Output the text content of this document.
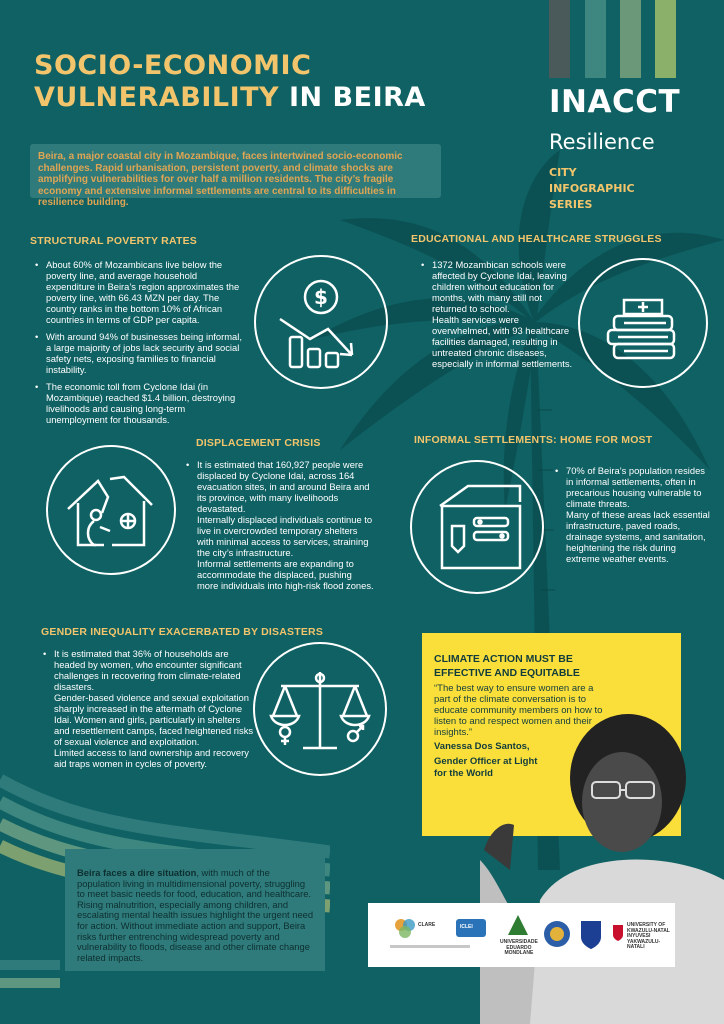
SOCIO-ECONOMIC
VULNERABILITY IN BEIRA	INACCT
Resilience
CITY
INFOGRAPHIC
SERIES

Beira, a major coastal city in Mozambique, faces intertwined socio-economic challenges. Rapid urbanisation, persistent poverty, and climate shocks are amplifying vulnerabilities for over half a million residents. The city’s fragile economy and extensive informal settlements are central to its difficulties in resilience building.

STRUCTURAL POVERTY RATES
• About 60% of Mozambicans live below the poverty line, and average household expenditure in Beira’s region approximates the poverty line, with 66.43 MZN per day. The country ranks in the bottom 10% of African countries in terms of GDP per capita.
• With around 94% of businesses being informal, a large majority of jobs lack security and social safety nets, exposing families to financial instability.
• The economic toll from Cyclone Idai (in Mozambique) reached $1.4 billion, destroying livelihoods and causing long-term unemployment for thousands.
$
EDUCATIONAL AND HEALTHCARE STRUGGLES
• 1372 Mozambican schools were affected by Cyclone Idai, leaving children without education for months, with many still not returned to school.
Health services were overwhelmed, with 93 healthcare facilities damaged, resulting in untreated chronic diseases, especially in informal settlements.
DISPLACEMENT CRISIS
• It is estimated that 160,927 people were displaced by Cyclone Idai, across 164 evacuation sites, in and around Beira and its province, with many livelihoods devastated.
Internally displaced individuals continue to live in overcrowded temporary shelters with minimal access to services, straining the city’s infrastructure.
Informal settlements are expanding to accommodate the displaced, pushing more individuals into high-risk flood zones.
INFORMAL SETTLEMENTS: HOME FOR MOST
• 70% of Beira’s population resides in informal settlements, often in precarious housing vulnerable to climate threats.
Many of these areas lack essential infrastructure, paved roads, drainage systems, and sanitation, heightening the risk during extreme weather events.
GENDER INEQUALITY EXACERBATED BY DISASTERS
• It is estimated that 36% of households are headed by women, who encounter significant challenges in recovering from climate-related disasters.
Gender-based violence and sexual exploitation sharply increased in the aftermath of Cyclone Idai. Women and girls, particularly in shelters and resettlement camps, faced heightened risks of sexual violence and exploitation.
Limited access to land ownership and recovery aid traps women in cycles of poverty.
CLIMATE ACTION MUST BE
EFFECTIVE AND EQUITABLE

“The best way to ensure women are a part of the climate conversation is to educate community members on how to listen to and respect women and their insights.”

Vanessa Dos Santos,
Gender Officer at Light
for the World

Beira faces a dire situation, with much of the population living in multidimensional poverty, struggling to meet basic needs for food, education, and healthcare.

Rising malnutrition, especially among children, and escalating mental health issues highlight the urgent need for action. Without immediate action and support, Beira risks further entrenching widespread poverty and vulnerability to floods, disease and other climate change related impacts.

CLARE	ICLEI
UNIVERSIDADE
EDUARDO
MONDLANE
UNIVERSITY OF
KWAZULU-NATAL
INYUVESI
YAKWAZULU-NATALI
